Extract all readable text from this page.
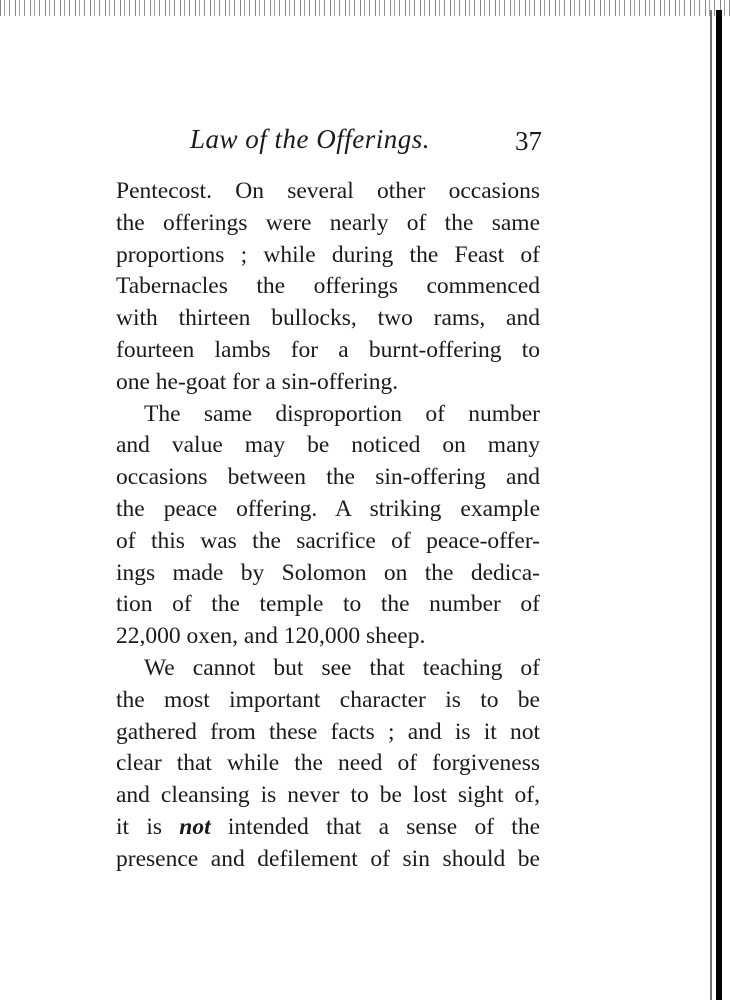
Law of the Offerings.	37
Pentecost. On several other occasions
the offerings were nearly of the same
proportions ; while during the Feast of
Tabernacles the offerings commenced
with thirteen bullocks, two rams, and
fourteen lambs for a burnt-offering to
one he-goat for a sin-offering.
The same disproportion of number
and value may be noticed on many
occasions between the sin-offering and
the peace offering. A striking example
of this was the sacrifice of peace-offer-
ings made by Solomon on the dedica-
tion of the temple to the number of
22,000 oxen, and 120,000 sheep.
We cannot but see that teaching of
the most important character is to be
gathered from these facts ; and is it not
clear that while the need of forgiveness
and cleansing is never to be lost sight of,
it is not intended that a sense of the
presence and defilement of sin should be
